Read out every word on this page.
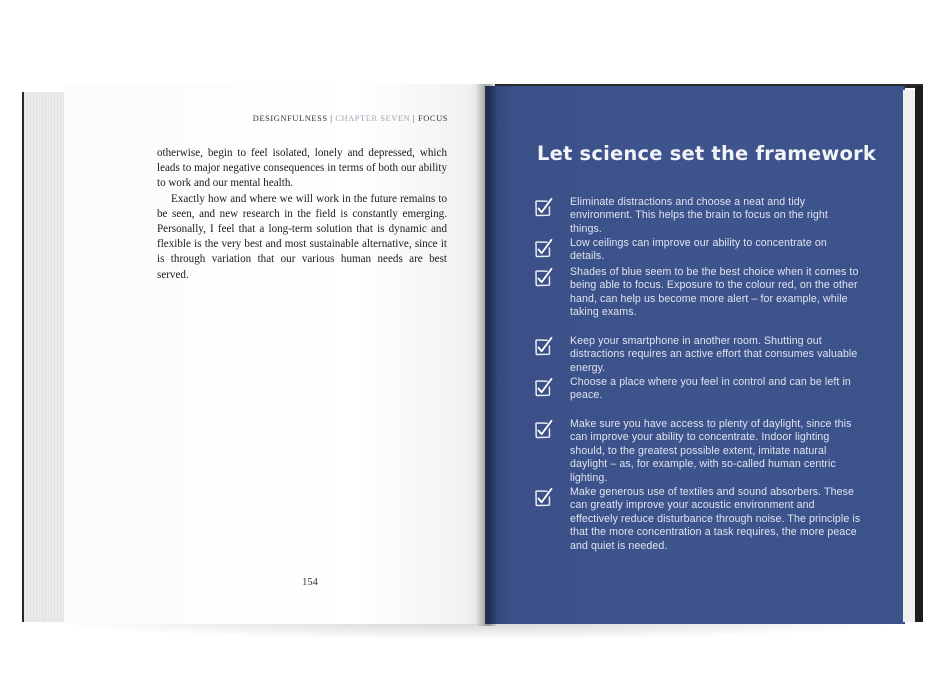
DESIGNFULNESS | CHAPTER SEVEN | FOCUS

otherwise, begin to feel isolated, lonely and depressed, which leads to major negative consequences in terms of both our ability to work and our mental health.

Exactly how and where we will work in the future remains to be seen, and new research in the field is constantly emerging. Personally, I feel that a long-term solution that is dynamic and flexible is the very best and most sustainable alternative, since it is through variation that our various human needs are best served.

154
Let science set the framework
Eliminate distractions and choose a neat and tidy environment. This helps the brain to focus on the right things.
Low ceilings can improve our ability to concentrate on details.
Shades of blue seem to be the best choice when it comes to being able to focus. Exposure to the colour red, on the other hand, can help us become more alert – for example, while taking exams.
Keep your smartphone in another room. Shutting out distractions requires an active effort that consumes valuable energy.
Choose a place where you feel in control and can be left in peace.
Make sure you have access to plenty of daylight, since this can improve your ability to concentrate. Indoor lighting should, to the greatest possible extent, imitate natural daylight – as, for example, with so-called human centric lighting.
Make generous use of textiles and sound absorbers. These can greatly improve your acoustic environment and effectively reduce disturbance through noise. The principle is that the more concentration a task requires, the more peace and quiet is needed.
